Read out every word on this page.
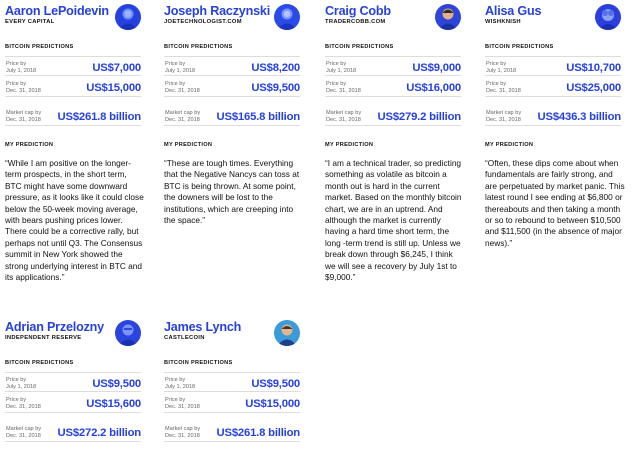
Aaron LePoidevin
EVERY CAPITAL
BITCOIN PREDICTIONS
Price by
July 1, 2018	US$7,000
Price by
Dec. 31, 2018	US$15,000
Market cap by
Dec. 31, 2018 US$261.8 billion
MY PREDICTION
“While I am positive on the longer-term prospects, in the short term, BTC might have some downward pressure, as it looks like it could close below the 50-week moving average, with bears pushing prices lower. There could be a corrective rally, but perhaps not until Q3. The Consensus summit in New York showed the strong underlying interest in BTC and its applications.”
Joseph Raczynski
JOETECHNOLOGIST.COM
BITCOIN PREDICTIONS
Price by
July 1, 2018	US$8,200
Price by
Dec. 31, 2018	US$9,500
Market cap by
Dec. 31, 2018 US$165.8 billion
MY PREDICTION
“These are tough times. Everything that the Negative Nancys can toss at BTC is being thrown. At some point, the downers will be lost to the institutions, which are creeping into the space.”
Craig Cobb
TRADERCOBB.COM
BITCOIN PREDICTIONS
Price by
July 1, 2018	US$9,000
Price by
Dec. 31, 2018	US$16,000
Market cap by
Dec. 31, 2018 US$279.2 billion
MY PREDICTION
“I am a technical trader, so predicting something as volatile as bitcoin a month out is hard in the current market. Based on the monthly bitcoin chart, we are in an uptrend. And although the market is currently having a hard time short term, the long -term trend is still up. Unless we break down through $6,245, I think we will see a recovery by July 1st to $9,000.”
Alisa Gus
WISHKNISH
BITCOIN PREDICTIONS
Price by
July 1, 2018	US$10,700
Price by
Dec. 31, 2018	US$25,000
Market cap by
Dec. 31, 2018 US$436.3 billion
MY PREDICTION
“Often, these dips come about when fundamentals are fairly strong, and are perpetuated by market panic. This latest round I see ending at $6,800 or thereabouts and then taking a month or so to rebound to between $10,500 and $11,500 (in the absence of major news).”
Adrian Przelozny
INDEPENDENT RESERVE
BITCOIN PREDICTIONS
Price by
July 1, 2018	US$9,500
Price by
Dec. 31, 2018	US$15,600
Market cap by
Dec. 31, 2018 US$272.2 billion
James Lynch
CASTLECOIN
BITCOIN PREDICTIONS
Price by
July 1, 2018	US$9,500
Price by
Dec. 31, 2018	US$15,000
Market cap by
Dec. 31, 2018 US$261.8 billion
